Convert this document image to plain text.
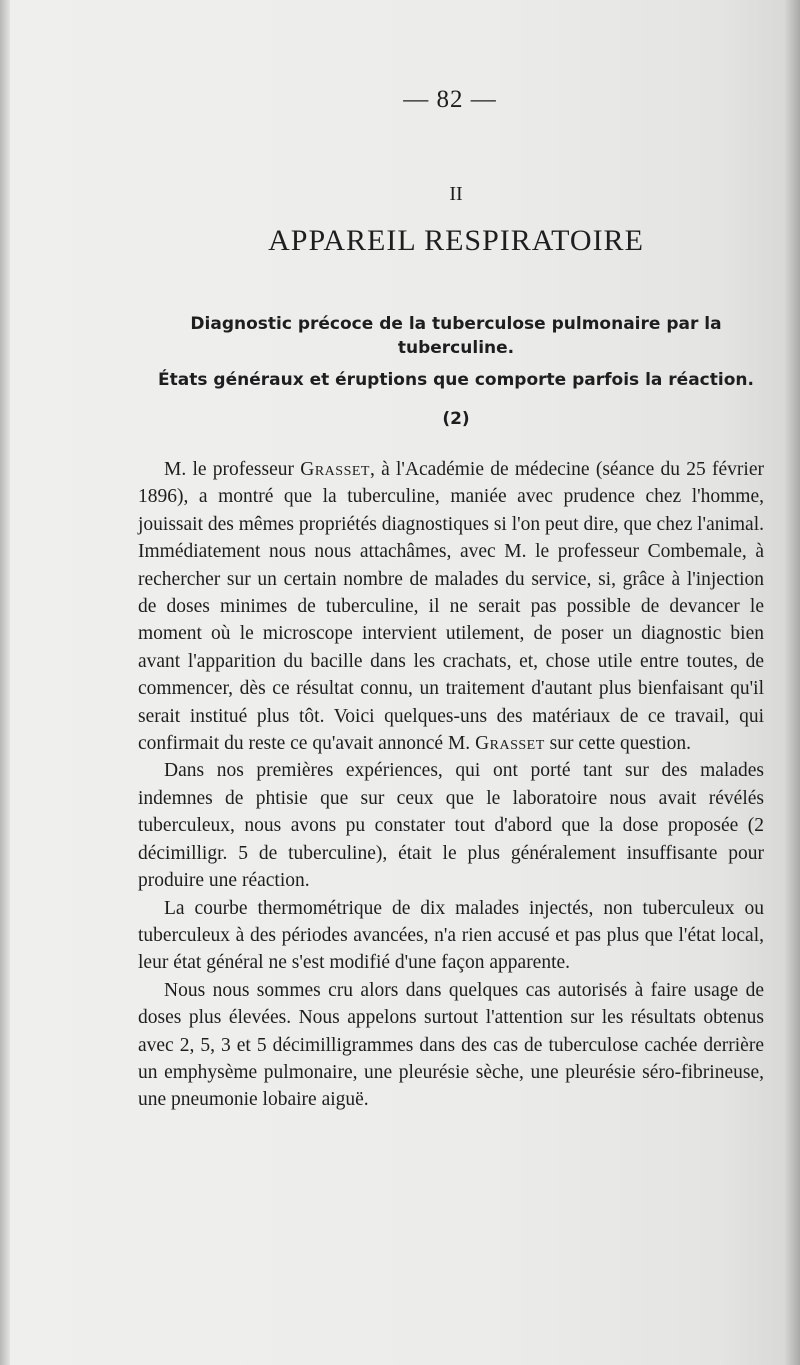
— 82 —
II
APPAREIL RESPIRATOIRE
Diagnostic précoce de la tuberculose pulmonaire par la tuberculine.
États généraux et éruptions que comporte parfois la réaction.
(2)

M. le professeur Grasset, à l'Académie de médecine (séance du 25 février 1896), a montré que la tuberculine, maniée avec prudence chez l'homme, jouissait des mêmes propriétés diagnostiques si l'on peut dire, que chez l'animal. Immédiatement nous nous attachâmes, avec M. le professeur Combemale, à rechercher sur un certain nombre de malades du service, si, grâce à l'injection de doses minimes de tuberculine, il ne serait pas possible de devancer le moment où le microscope intervient utilement, de poser un diagnostic bien avant l'apparition du bacille dans les crachats, et, chose utile entre toutes, de commencer, dès ce résultat connu, un traitement d'autant plus bienfaisant qu'il serait institué plus tôt. Voici quelques-uns des matériaux de ce travail, qui confirmait du reste ce qu'avait annoncé M. Grasset sur cette question.

Dans nos premières expériences, qui ont porté tant sur des malades indemnes de phtisie que sur ceux que le laboratoire nous avait révélés tuberculeux, nous avons pu constater tout d'abord que la dose proposée (2 décimilligr. 5 de tuberculine), était le plus généralement insuffisante pour produire une réaction.

La courbe thermométrique de dix malades injectés, non tuberculeux ou tuberculeux à des périodes avancées, n'a rien accusé et pas plus que l'état local, leur état général ne s'est modifié d'une façon apparente.

Nous nous sommes cru alors dans quelques cas autorisés à faire usage de doses plus élevées. Nous appelons surtout l'attention sur les résultats obtenus avec 2, 5, 3 et 5 décimilligrammes dans des cas de tuberculose cachée derrière un emphysème pulmonaire, une pleurésie sèche, une pleurésie séro-fibrineuse, une pneumonie lobaire aiguë.
